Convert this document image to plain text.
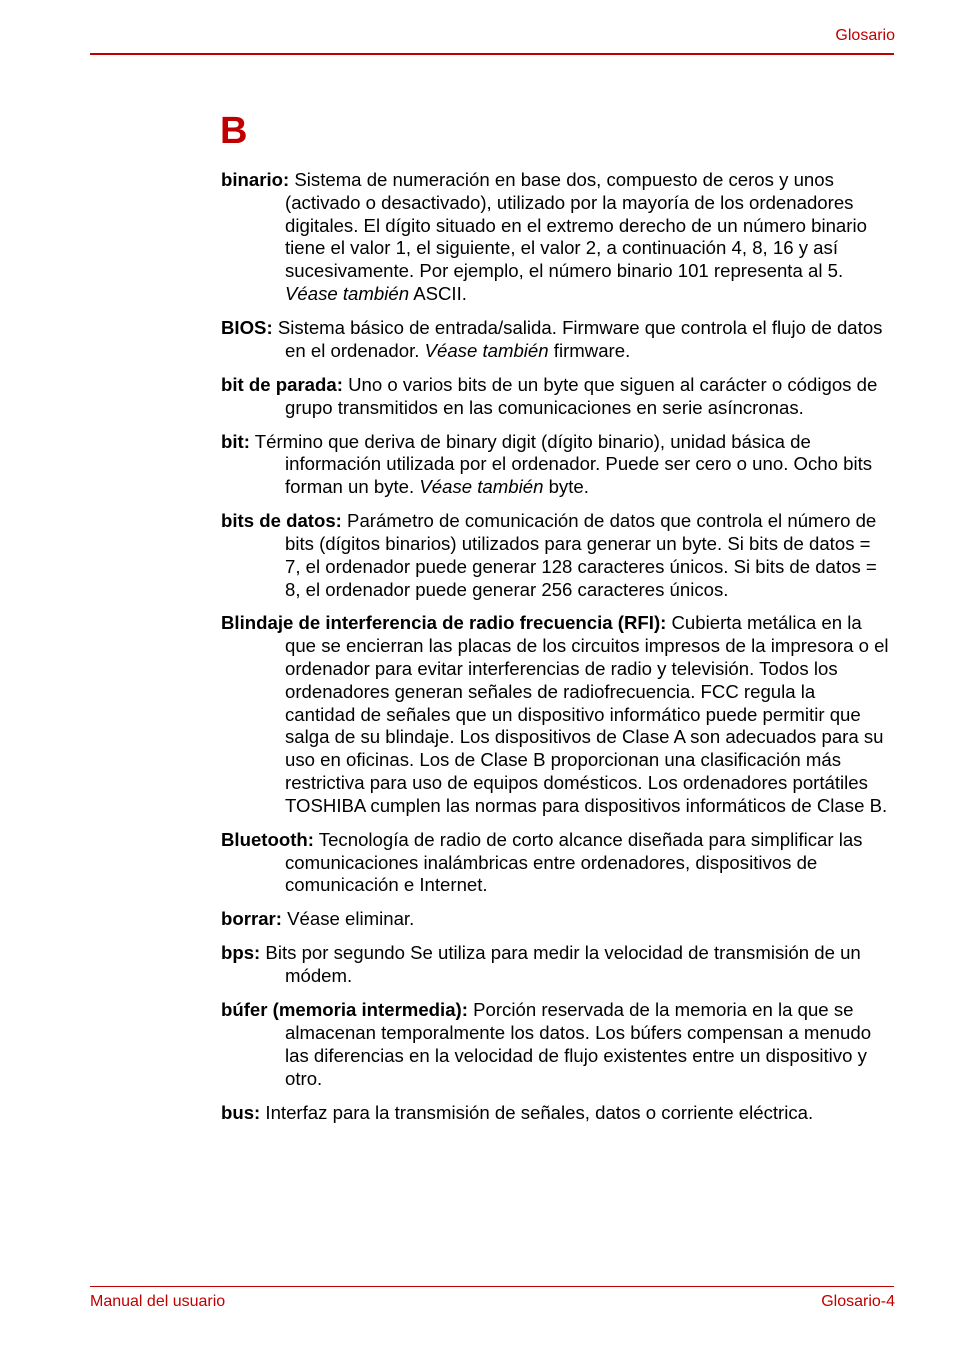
Glosario
B

binario: Sistema de numeración en base dos, compuesto de ceros y unos (activado o desactivado), utilizado por la mayoría de los ordenadores digitales. El dígito situado en el extremo derecho de un número binario tiene el valor 1, el siguiente, el valor 2, a continuación 4, 8, 16 y así sucesivamente. Por ejemplo, el número binario 101 representa al 5. Véase también ASCII.

BIOS: Sistema básico de entrada/salida. Firmware que controla el flujo de datos en el ordenador. Véase también firmware.

bit de parada: Uno o varios bits de un byte que siguen al carácter o códigos de grupo transmitidos en las comunicaciones en serie asíncronas.

bit: Término que deriva de binary digit (dígito binario), unidad básica de información utilizada por el ordenador. Puede ser cero o uno. Ocho bits forman un byte. Véase también byte.

bits de datos: Parámetro de comunicación de datos que controla el número de bits (dígitos binarios) utilizados para generar un byte. Si bits de datos = 7, el ordenador puede generar 128 caracteres únicos. Si bits de datos = 8, el ordenador puede generar 256 caracteres únicos.

Blindaje de interferencia de radio frecuencia (RFI): Cubierta metálica en la que se encierran las placas de los circuitos impresos de la impresora o el ordenador para evitar interferencias de radio y televisión. Todos los ordenadores generan señales de radiofrecuencia. FCC regula la cantidad de señales que un dispositivo informático puede permitir que salga de su blindaje. Los dispositivos de Clase A son adecuados para su uso en oficinas. Los de Clase B proporcionan una clasificación más restrictiva para uso de equipos domésticos. Los ordenadores portátiles TOSHIBA cumplen las normas para dispositivos informáticos de Clase B.

Bluetooth: Tecnología de radio de corto alcance diseñada para simplificar las comunicaciones inalámbricas entre ordenadores, dispositivos de comunicación e Internet.

borrar: Véase eliminar.

bps: Bits por segundo Se utiliza para medir la velocidad de transmisión de un módem.

búfer (memoria intermedia): Porción reservada de la memoria en la que se almacenan temporalmente los datos. Los búfers compensan a menudo las diferencias en la velocidad de flujo existentes entre un dispositivo y otro.

bus: Interfaz para la transmisión de señales, datos o corriente eléctrica.

Manual del usuario	Glosario-4
